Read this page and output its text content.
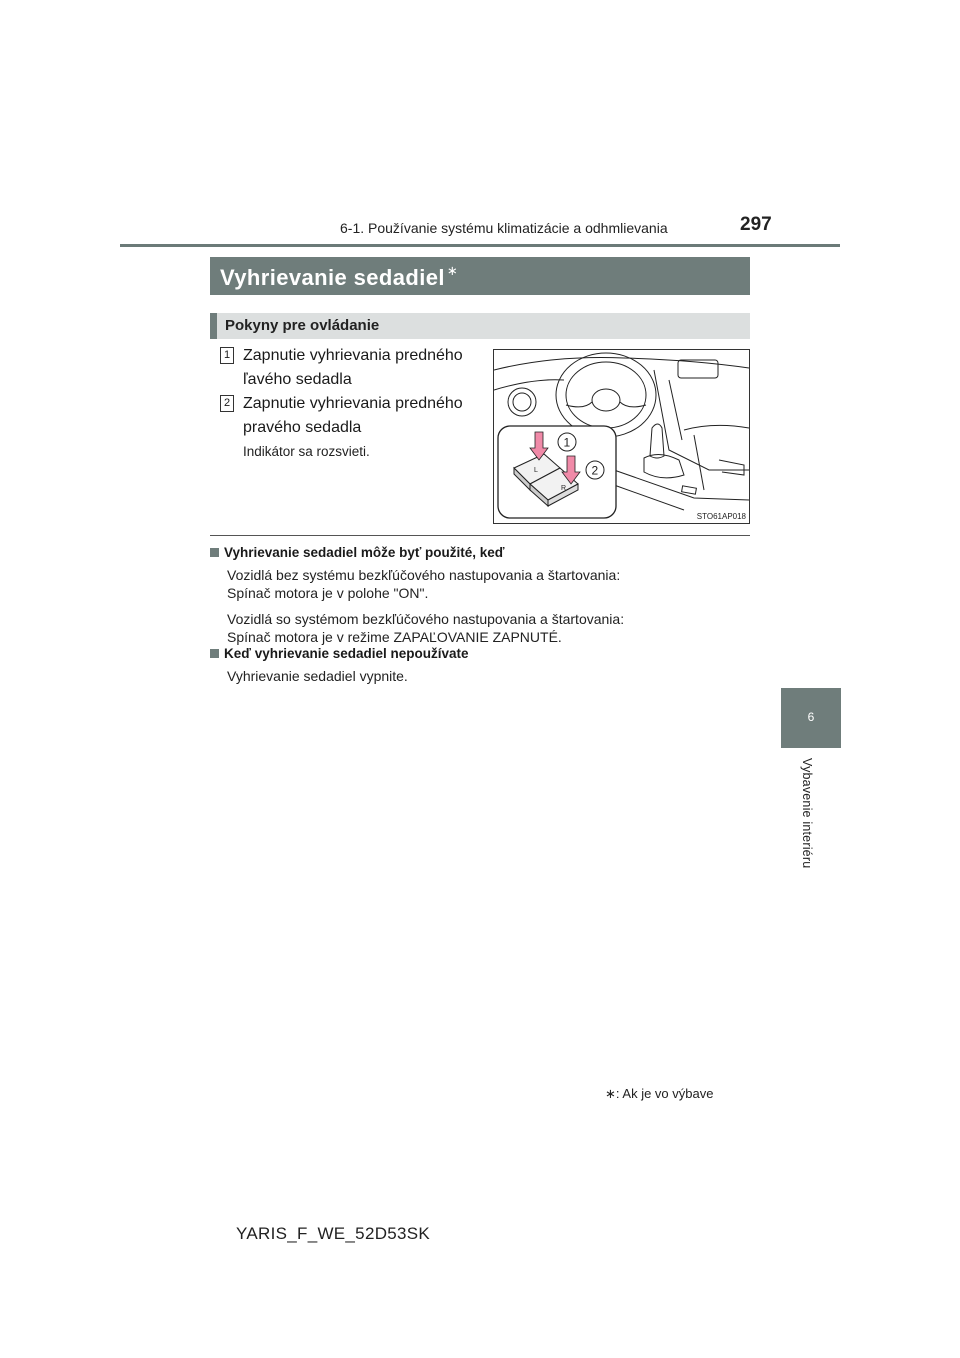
6-1. Používanie systému klimatizácie a odhmlievania	297
6
Vybavenie interiéru
Vyhrievanie sedadiel ∗
Pokyny pre ovládanie
1 Zapnutie vyhrievania predného
ľavého sedadla
2 Zapnutie vyhrievania predného
pravého sedadla
Indikátor sa rozsvieti.
L
R
1
2
STO61AP018
Vyhrievanie sedadiel môže byť použité, keď
Vozidlá bez systému bezkľúčového nastupovania a štartovania:
Spínač motora je v polohe "ON".
Vozidlá so systémom bezkľúčového nastupovania a štartovania:
Spínač motora je v režime ZAPAĽOVANIE ZAPNUTÉ.
Keď vyhrievanie sedadiel nepoužívate
Vyhrievanie sedadiel vypnite.
∗: Ak je vo výbave
YARIS_F_WE_52D53SK
